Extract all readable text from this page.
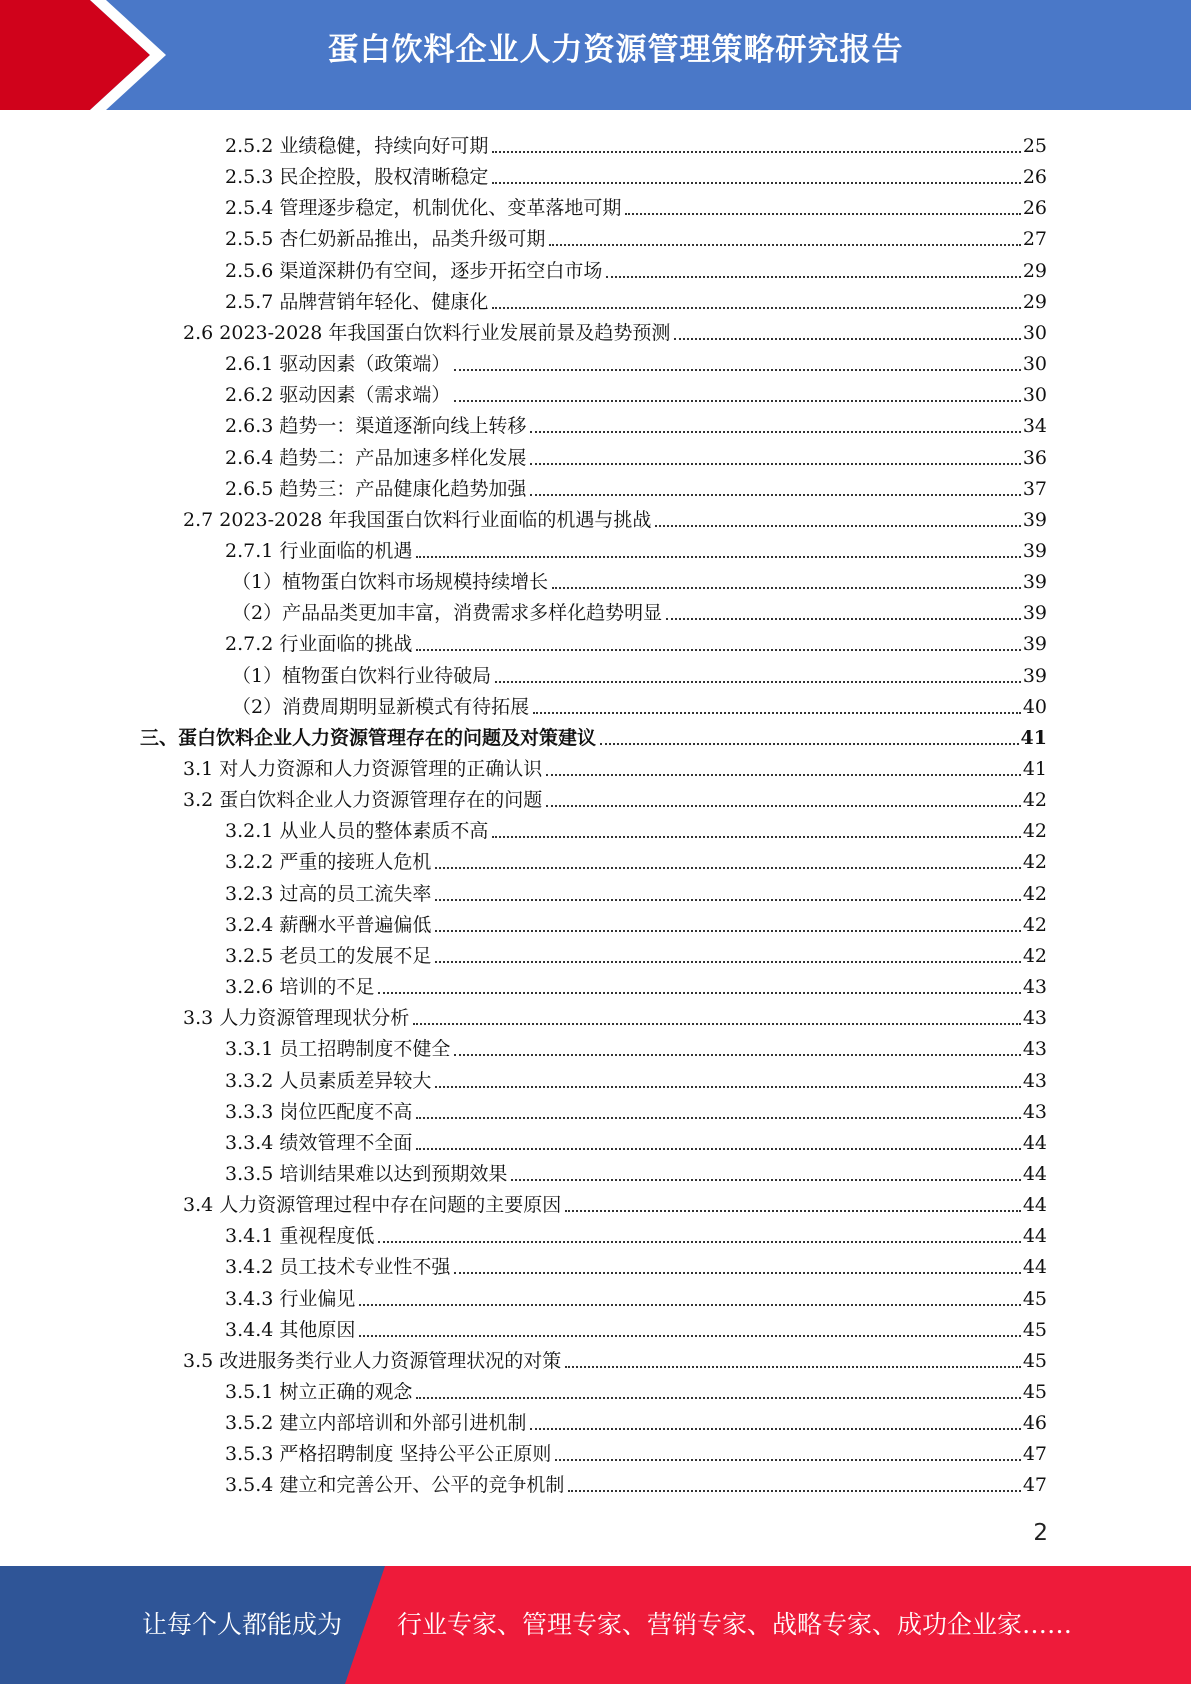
蛋白饮料企业人力资源管理策略研究报告
2.5.2 业绩稳健，持续向好可期	25
2.5.3 民企控股，股权清晰稳定	26
2.5.4 管理逐步稳定，机制优化、变革落地可期	26
2.5.5 杏仁奶新品推出，品类升级可期	27
2.5.6 渠道深耕仍有空间，逐步开拓空白市场	29
2.5.7 品牌营销年轻化、健康化	29
2.6 2023-2028 年我国蛋白饮料行业发展前景及趋势预测	30
2.6.1 驱动因素（政策端）	30
2.6.2 驱动因素（需求端）	30
2.6.3 趋势一：渠道逐渐向线上转移	34
2.6.4 趋势二：产品加速多样化发展	36
2.6.5 趋势三：产品健康化趋势加强	37
2.7 2023-2028 年我国蛋白饮料行业面临的机遇与挑战	39
2.7.1 行业面临的机遇	39
（1）植物蛋白饮料市场规模持续增长	39
（2）产品品类更加丰富，消费需求多样化趋势明显	39
2.7.2 行业面临的挑战	39
（1）植物蛋白饮料行业待破局	39
（2）消费周期明显新模式有待拓展	40
三、蛋白饮料企业人力资源管理存在的问题及对策建议	41
3.1 对人力资源和人力资源管理的正确认识	41
3.2 蛋白饮料企业人力资源管理存在的问题	42
3.2.1 从业人员的整体素质不高	42
3.2.2 严重的接班人危机	42
3.2.3 过高的员工流失率	42
3.2.4 薪酬水平普遍偏低	42
3.2.5 老员工的发展不足	42
3.2.6 培训的不足	43
3.3 人力资源管理现状分析	43
3.3.1 员工招聘制度不健全	43
3.3.2 人员素质差异较大	43
3.3.3 岗位匹配度不高	43
3.3.4 绩效管理不全面	44
3.3.5 培训结果难以达到预期效果	44
3.4 人力资源管理过程中存在问题的主要原因	44
3.4.1 重视程度低	44
3.4.2 员工技术专业性不强	44
3.4.3 行业偏见	45
3.4.4 其他原因	45
3.5 改进服务类行业人力资源管理状况的对策	45
3.5.1 树立正确的观念	45
3.5.2 建立内部培训和外部引进机制	46
3.5.3 严格招聘制度 坚持公平公正原则	47
3.5.4 建立和完善公开、公平的竞争机制	47
2
让每个人都能成为 行业专家、管理专家、营销专家、战略专家、成功企业家……
